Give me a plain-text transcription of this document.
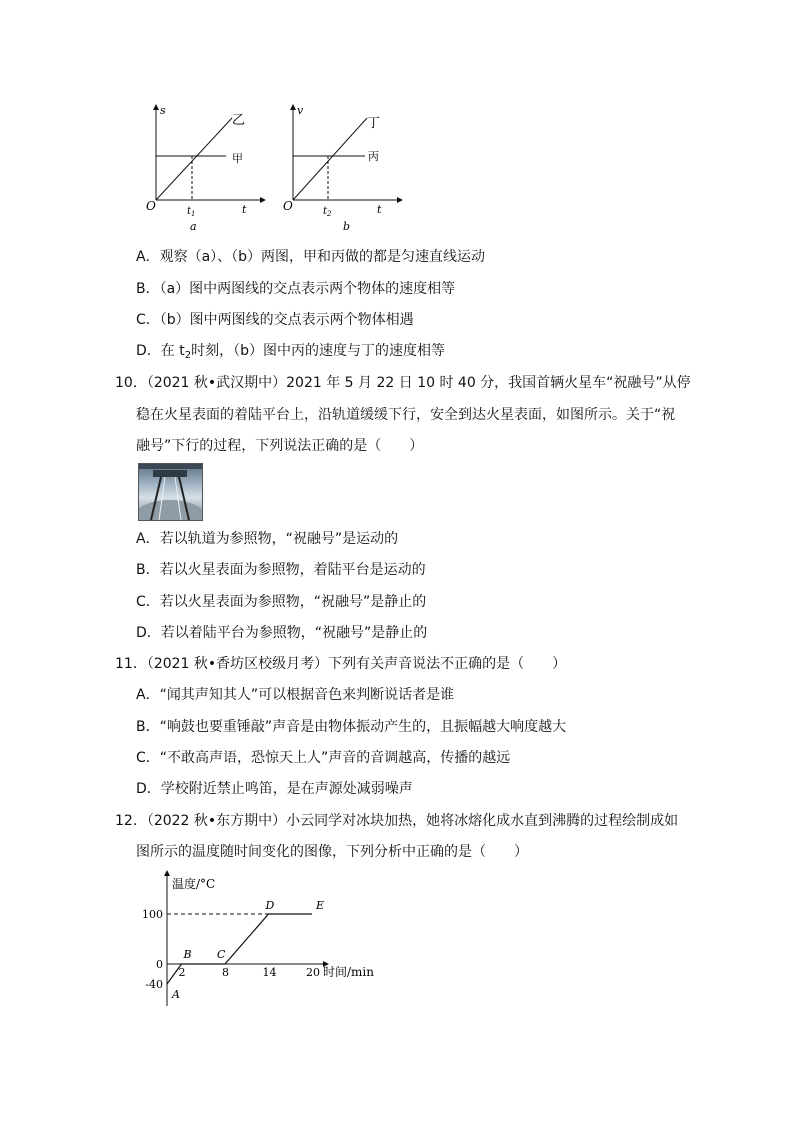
s
乙
甲
O	$t_1$	t
a
v
丁
丙
O	$t_2$	t
b
A．观察（a）、（b）两图，甲和丙做的都是匀速直线运动
B．（a）图中两图线的交点表示两个物体的速度相等
C．（b）图中两图线的交点表示两个物体相遇
D．在 $t_2$时刻，（b）图中丙的速度与丁的速度相等
10．（2021 秋•武汉期中）2021 年 5 月 22 日 10 时 40 分，我国首辆火星车“祝融号”从停
稳在火星表面的着陆平台上，沿轨道缓缓下行，安全到达火星表面，如图所示。关于“祝
融号”下行的过程，下列说法正确的是（　　）
A．若以轨道为参照物，“祝融号”是运动的
B．若以火星表面为参照物，着陆平台是运动的
C．若以火星表面为参照物，“祝融号”是静止的
D．若以着陆平台为参照物，“祝融号”是静止的
11．（2021 秋•香坊区校级月考）下列有关声音说法不正确的是（　　）
A．“闻其声知其人”可以根据音色来判断说话者是谁
B．“响鼓也要重锤敲”声音是由物体振动产生的，且振幅越大响度越大
C．“不敢高声语，恐惊天上人”声音的音调越高，传播的越远
D．学校附近禁止鸣笛，是在声源处减弱噪声
12．（2022 秋•东方期中）小云同学对冰块加热，她将冰熔化成水直到沸腾的过程绘制成如
图所示的温度随时间变化的图像，下列分析中正确的是（　　）
温度/°C
时间/min
A
B C
D	E
2	8	14	20
100
0
-40
